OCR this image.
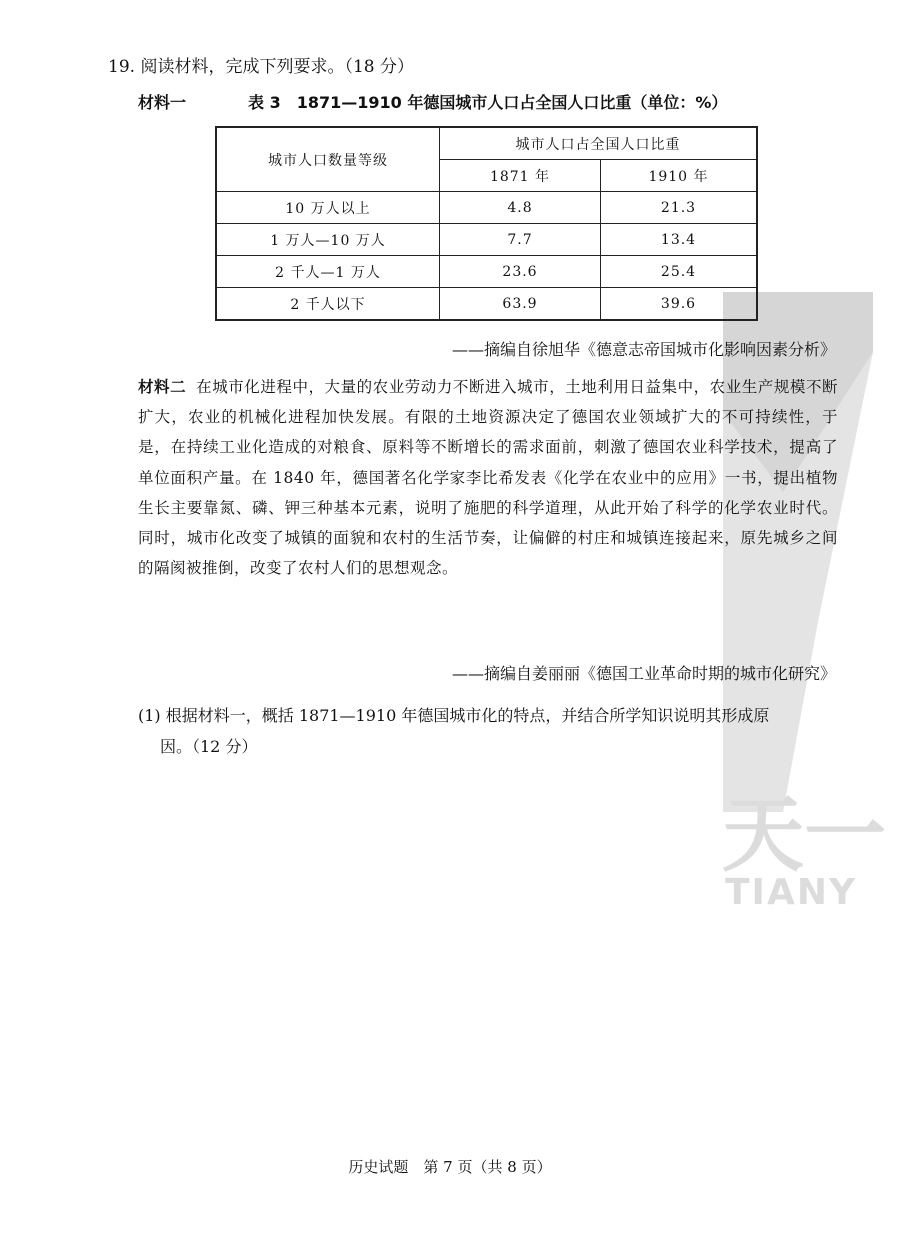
天一
TIANY
19. 阅读材料，完成下列要求。（18 分）
材料一	表 3　1871—1910 年德国城市人口占全国人口比重（单位：%）
城市人口数量等级	城市人口占全国人口比重	
	1871 年	1910 年
10 万人以上	4.8	21.3
1 万人—10 万人	7.7	13.4
2 千人—1 万人	23.6	25.4
2 千人以下	63.9	39.6
——摘编自徐旭华《德意志帝国城市化影响因素分析》
材料二 在城市化进程中，大量的农业劳动力不断进入城市，土地利用日益集中，农业生产规模不断扩大，农业的机械化进程加快发展。有限的土地资源决定了德国农业领域扩大的不可持续性，于是，在持续工业化造成的对粮食、原料等不断增长的需求面前，刺激了德国农业科学技术，提高了单位面积产量。在 1840 年，德国著名化学家李比希发表《化学在农业中的应用》一书，提出植物生长主要靠氮、磷、钾三种基本元素，说明了施肥的科学道理，从此开始了科学的化学农业时代。同时，城市化改变了城镇的面貌和农村的生活节奏，让偏僻的村庄和城镇连接起来，原先城乡之间的隔阂被推倒，改变了农村人们的思想观念。
——摘编自姜丽丽《德国工业革命时期的城市化研究》
(1) 根据材料一，概括 1871—1910 年德国城市化的特点，并结合所学知识说明其形成原
因。（12 分）
历史试题　第 7 页（共 8 页）
